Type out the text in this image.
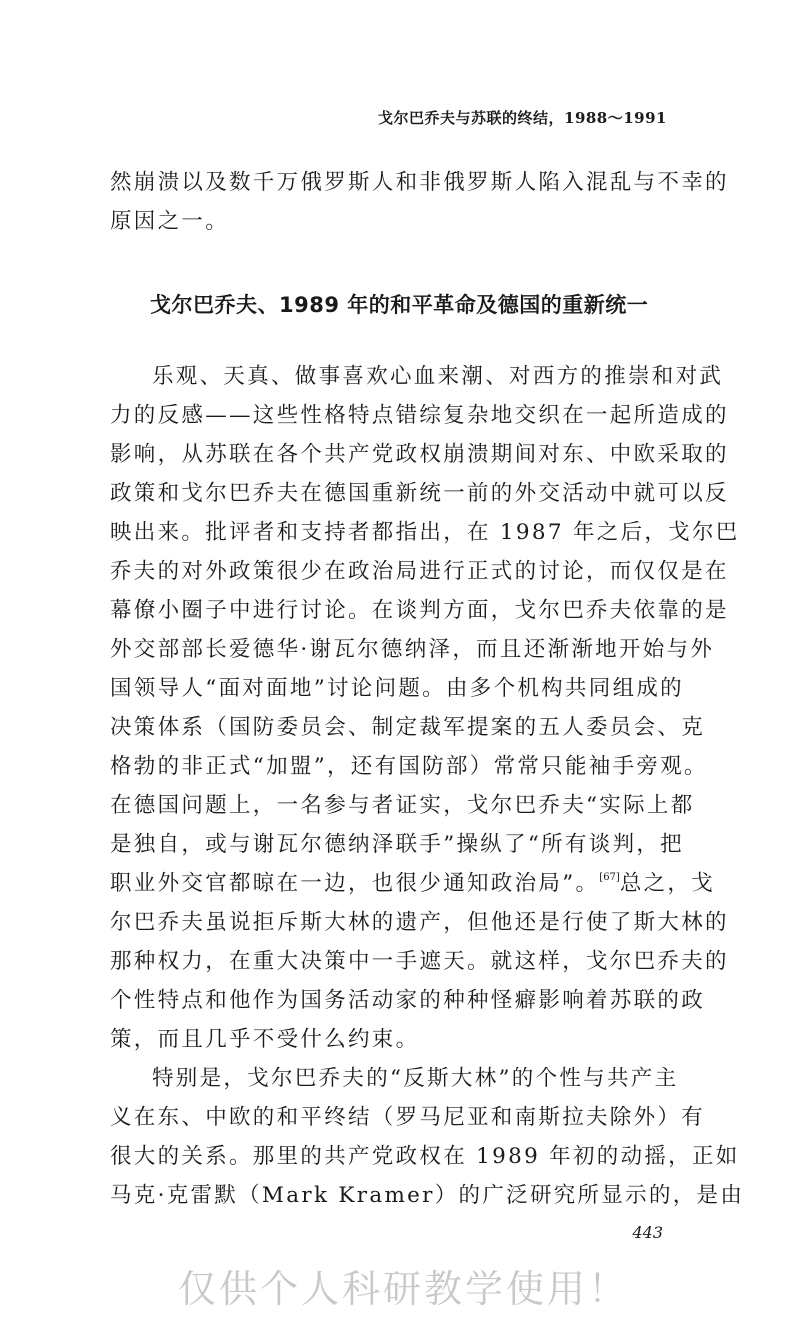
戈尔巴乔夫与苏联的终结，1988～1991
然崩溃以及数千万俄罗斯人和非俄罗斯人陷入混乱与不幸的
原因之一。
戈尔巴乔夫、1989 年的和平革命及德国的重新统一
乐观、天真、做事喜欢心血来潮、对西方的推崇和对武
力的反感——这些性格特点错综复杂地交织在一起所造成的
影响，从苏联在各个共产党政权崩溃期间对东、中欧采取的
政策和戈尔巴乔夫在德国重新统一前的外交活动中就可以反
映出来。批评者和支持者都指出，在 1987 年之后，戈尔巴
乔夫的对外政策很少在政治局进行正式的讨论，而仅仅是在
幕僚小圈子中进行讨论。在谈判方面，戈尔巴乔夫依靠的是
外交部部长爱德华·谢瓦尔德纳泽，而且还渐渐地开始与外
国领导人“面对面地”讨论问题。由多个机构共同组成的
决策体系（国防委员会、制定裁军提案的五人委员会、克
格勃的非正式“加盟”，还有国防部）常常只能袖手旁观。
在德国问题上，一名参与者证实，戈尔巴乔夫“实际上都
是独自，或与谢瓦尔德纳泽联手”操纵了“所有谈判，把
职业外交官都晾在一边，也很少通知政治局”。[67]总之，戈
尔巴乔夫虽说拒斥斯大林的遗产，但他还是行使了斯大林的
那种权力，在重大决策中一手遮天。就这样，戈尔巴乔夫的
个性特点和他作为国务活动家的种种怪癖影响着苏联的政
策，而且几乎不受什么约束。
特别是，戈尔巴乔夫的“反斯大林”的个性与共产主
义在东、中欧的和平终结（罗马尼亚和南斯拉夫除外）有
很大的关系。那里的共产党政权在 1989 年初的动摇，正如
马克·克雷默（Mark Kramer）的广泛研究所显示的，是由
443
仅供个人科研教学使用！
